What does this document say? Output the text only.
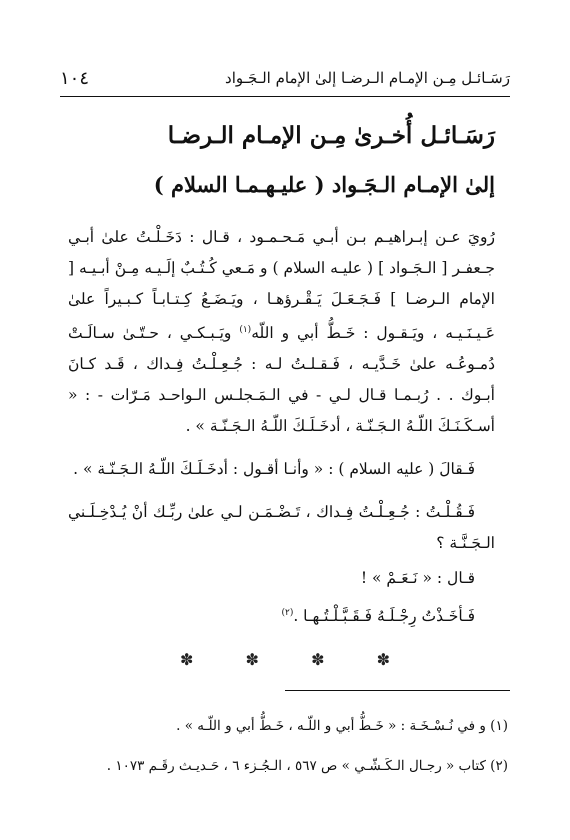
رَسَـائـل مِـن الإمـام الـرضـا إلىٰ الإمام الـجَـواد
١٠٤
رَسَـائـل أُخـرىٰ مِـن الإمـام الـرضـا
إلىٰ الإمـام الـجَـواد ( عليـهـمـا السلام )

رُويَ عـن إبـراهيـم بـن أبـي مَـحـمـود ، قـال : دَخَـلْـتُ علىٰ أبـي جـعفـر [ الـجَـواد ] ( عليـه السلام ) و مَـعي كُـتُـبٌ إلَـيـه مِـنْ أبـيـه [ الإمام الـرضـا ] فَـجَـعَـلَ يَـقْـرؤهـا ، ويَـضَـعُ كِـتـابـاً كـبـيراً علىٰ عَـيـنَـيـه ، ويَـقـول : خَـطُّ أبي و اللّه(١) ويَـبـكـي ، حـتّـىٰ سـالَـتْ دُمـوعُـه علىٰ خَـدَّيـه ، فَـقـلـتُ لـه : جُـعِـلْـتُ فِـداك ، قَـد كـانَ أبـوك . . رُبـمـا قـال لـي - في الـمَـجلـس الـواحـد مَـرّات - : « أسـكَـنَـكَ اللّـهُ الـجَـنّـة ، أدخَـلَـكَ اللّـهُ الـجَـنّـة » .

فَـقالَ ( عليه السلام ) : « وأنـا أقـول : أدخَـلَـكَ اللّـهُ الـجَـنّـة » .

فَـقُـلْـتُ : جُـعِـلْـتُ فِـداك ، تَـضْـمَـن لـي علىٰ ربِّـك أنْ يُـدْخِـلَـني الـجَـنَّـة ؟

قـال : « نَـعَـمْ » !

فَـأخَـذْتُ رِجْـلَـهُ فَـقَـبَّـلْـتُـهـا .(٢)

✽	✽	✽	✽

(١) و في نُـسْـخَـة : « خَـطُّ أبي و اللّـه ، خَـطُّ أبي و اللّـه » .

(٢) كتاب « رجـال الـكَـشّـي » ص ٥٦٧ ، الـجُـزء ٦ ، حَـديـث رقَـم ١٠٧٣ .
